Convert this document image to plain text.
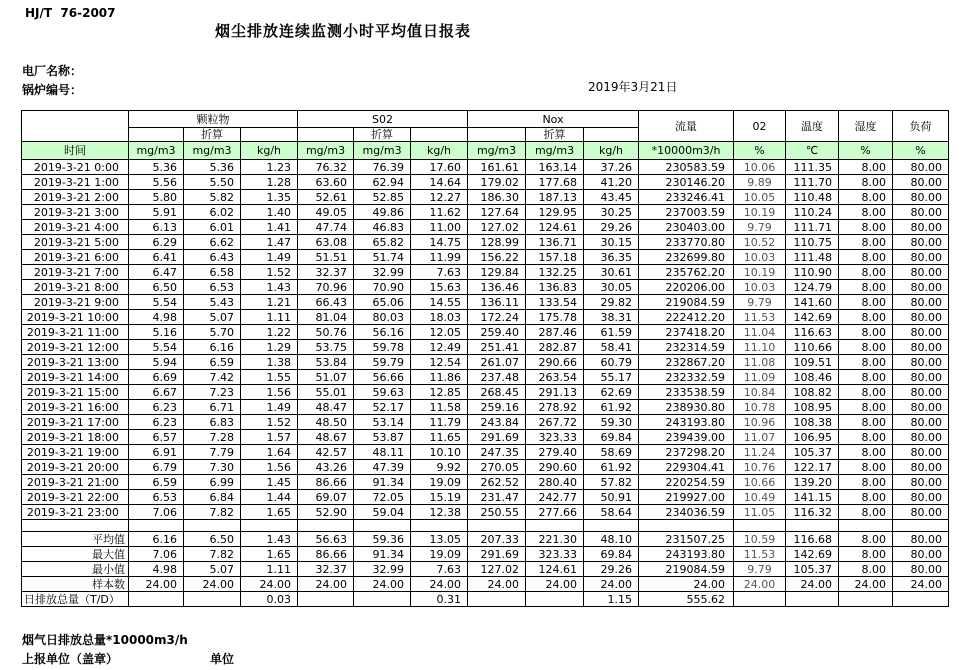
HJ/T  76-2007
烟尘排放连续监测小时平均值日报表
电厂名称：
锅炉编号：	2019年3月21日
	颗粒物			S02			Nox			流量	02	温度	湿度	负荷
		折算			折算			折算						
时间	mg/m3	mg/m3	kg/h	mg/m3	mg/m3	kg/h	mg/m3	mg/m3	kg/h	*10000m3/h	%	℃	%	%
2019-3-21 0:00	5.36	5.36	1.23	76.32	76.39	17.60	161.61	163.14	37.26	230583.59	10.06	111.35	8.00	80.00
2019-3-21 1:00	5.56	5.50	1.28	63.60	62.94	14.64	179.02	177.68	41.20	230146.20	9.89	111.70	8.00	80.00
2019-3-21 2:00	5.80	5.82	1.35	52.61	52.85	12.27	186.30	187.13	43.45	233246.41	10.05	110.48	8.00	80.00
2019-3-21 3:00	5.91	6.02	1.40	49.05	49.86	11.62	127.64	129.95	30.25	237003.59	10.19	110.24	8.00	80.00
2019-3-21 4:00	6.13	6.01	1.41	47.74	46.83	11.00	127.02	124.61	29.26	230403.00	9.79	111.71	8.00	80.00
2019-3-21 5:00	6.29	6.62	1.47	63.08	65.82	14.75	128.99	136.71	30.15	233770.80	10.52	110.75	8.00	80.00
2019-3-21 6:00	6.41	6.43	1.49	51.51	51.74	11.99	156.22	157.18	36.35	232699.80	10.03	111.48	8.00	80.00
2019-3-21 7:00	6.47	6.58	1.52	32.37	32.99	7.63	129.84	132.25	30.61	235762.20	10.19	110.90	8.00	80.00
2019-3-21 8:00	6.50	6.53	1.43	70.96	70.90	15.63	136.46	136.83	30.05	220206.00	10.03	124.79	8.00	80.00
2019-3-21 9:00	5.54	5.43	1.21	66.43	65.06	14.55	136.11	133.54	29.82	219084.59	9.79	141.60	8.00	80.00
2019-3-21 10:00	4.98	5.07	1.11	81.04	80.03	18.03	172.24	175.78	38.31	222412.20	11.53	142.69	8.00	80.00
2019-3-21 11:00	5.16	5.70	1.22	50.76	56.16	12.05	259.40	287.46	61.59	237418.20	11.04	116.63	8.00	80.00
2019-3-21 12:00	5.54	6.16	1.29	53.75	59.78	12.49	251.41	282.87	58.41	232314.59	11.10	110.66	8.00	80.00
2019-3-21 13:00	5.94	6.59	1.38	53.84	59.79	12.54	261.07	290.66	60.79	232867.20	11.08	109.51	8.00	80.00
2019-3-21 14:00	6.69	7.42	1.55	51.07	56.66	11.86	237.48	263.54	55.17	232332.59	11.09	108.46	8.00	80.00
2019-3-21 15:00	6.67	7.23	1.56	55.01	59.63	12.85	268.45	291.13	62.69	233538.59	10.84	108.82	8.00	80.00
2019-3-21 16:00	6.23	6.71	1.49	48.47	52.17	11.58	259.16	278.92	61.92	238930.80	10.78	108.95	8.00	80.00
2019-3-21 17:00	6.23	6.83	1.52	48.50	53.14	11.79	243.84	267.72	59.30	243193.80	10.96	108.38	8.00	80.00
2019-3-21 18:00	6.57	7.28	1.57	48.67	53.87	11.65	291.69	323.33	69.84	239439.00	11.07	106.95	8.00	80.00
2019-3-21 19:00	6.91	7.79	1.64	42.57	48.11	10.10	247.35	279.40	58.69	237298.20	11.24	105.37	8.00	80.00
2019-3-21 20:00	6.79	7.30	1.56	43.26	47.39	9.92	270.05	290.60	61.92	229304.41	10.76	122.17	8.00	80.00
2019-3-21 21:00	6.59	6.99	1.45	86.66	91.34	19.09	262.52	280.40	57.82	220254.59	10.66	139.20	8.00	80.00
2019-3-21 22:00	6.53	6.84	1.44	69.07	72.05	15.19	231.47	242.77	50.91	219927.00	10.49	141.15	8.00	80.00
2019-3-21 23:00	7.06	7.82	1.65	52.90	59.04	12.38	250.55	277.66	58.64	234036.59	11.05	116.32	8.00	80.00

平均值	6.16	6.50	1.43	56.63	59.36	13.05	207.33	221.30	48.10	231507.25	10.59	116.68	8.00	80.00
最大值	7.06	7.82	1.65	86.66	91.34	19.09	291.69	323.33	69.84	243193.80	11.53	142.69	8.00	80.00
最小值	4.98	5.07	1.11	32.37	32.99	7.63	127.02	124.61	29.26	219084.59	9.79	105.37	8.00	80.00
样本数	24.00	24.00	24.00	24.00	24.00	24.00	24.00	24.00	24.00	24.00	24.00	24.00	24.00	24.00
日排放总量（T/D）			0.03			0.31			1.15	555.62				
烟气日排放总量*10000m3/h
上报单位（盖章）	单位
